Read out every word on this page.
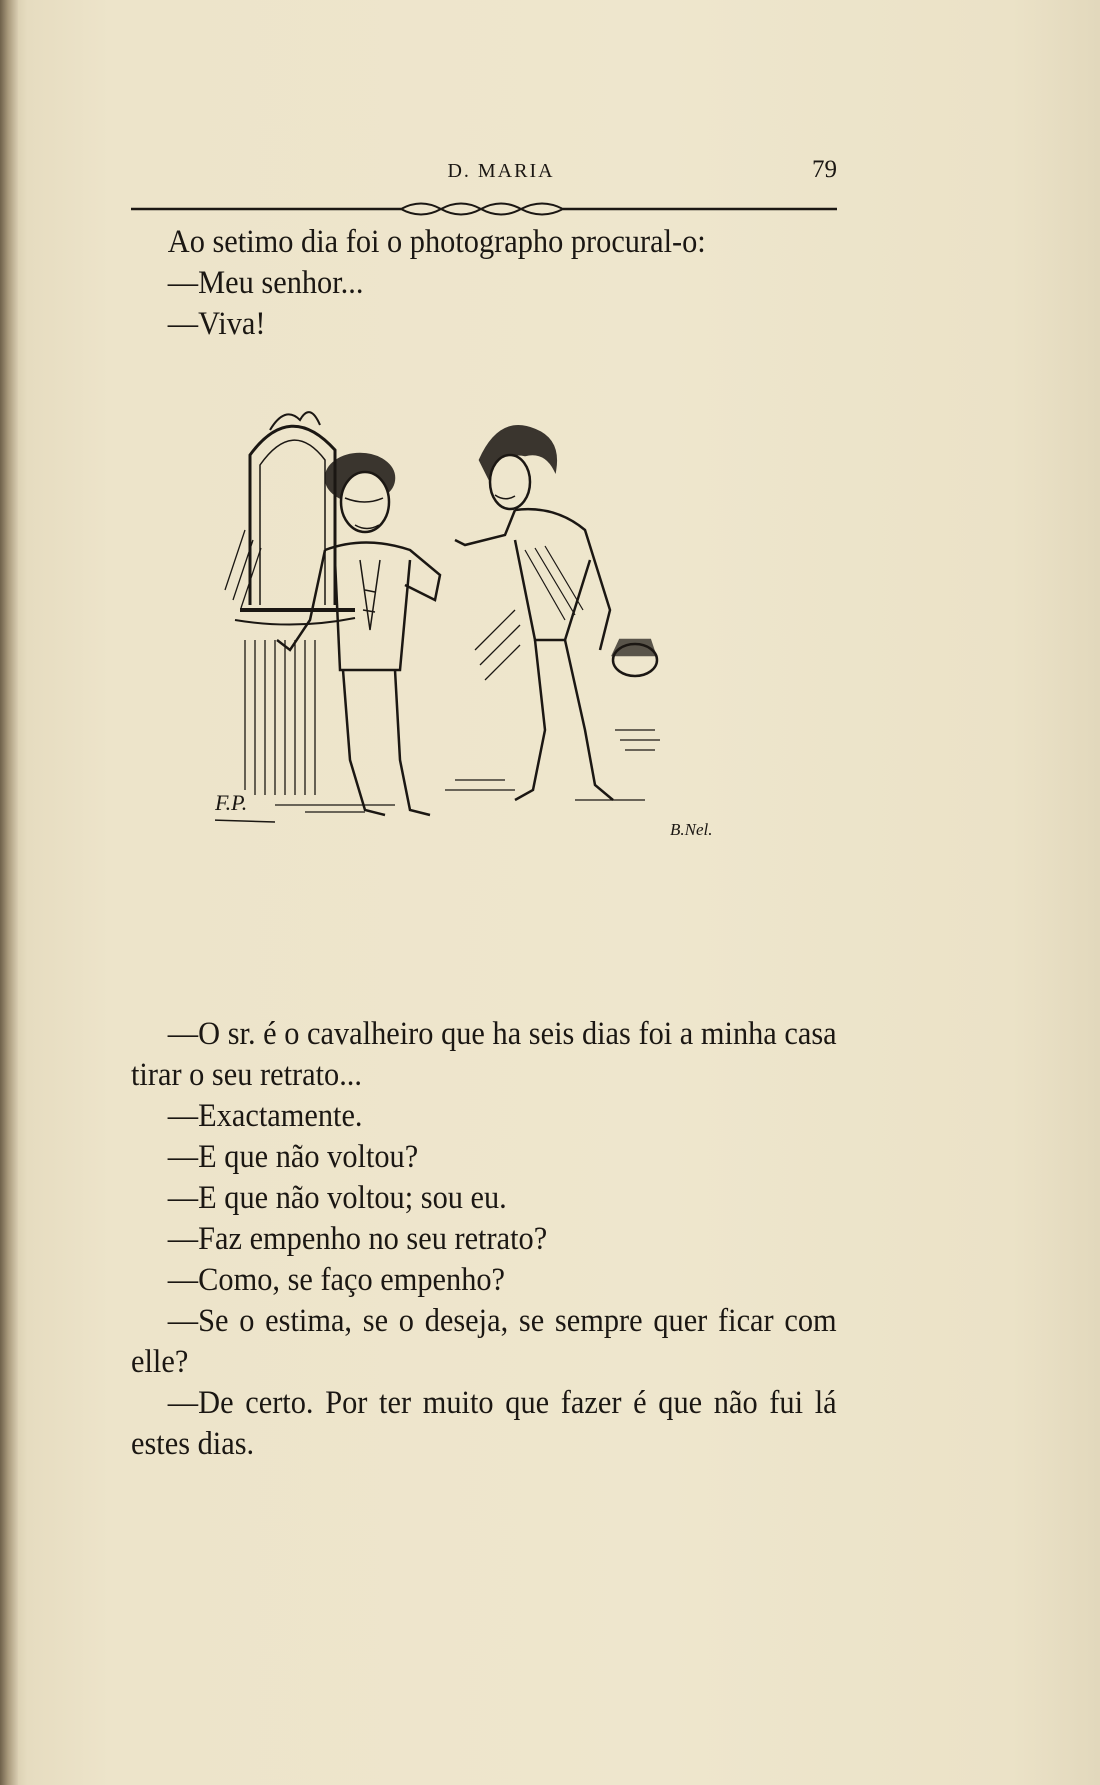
D. MARIA	79

Ao setimo dia foi o photographo procural-o:

—Meu senhor...

—Viva!

F.P.
B.Nel.

—O sr. é o cavalheiro que ha seis dias foi a minha casa tirar o seu retrato...

—Exactamente.

—E que não voltou?

—E que não voltou; sou eu.

—Faz empenho no seu retrato?

—Como, se faço empenho?

—Se o estima, se o deseja, se sempre quer ficar com elle?

—De certo. Por ter muito que fazer é que não fui lá estes dias.
